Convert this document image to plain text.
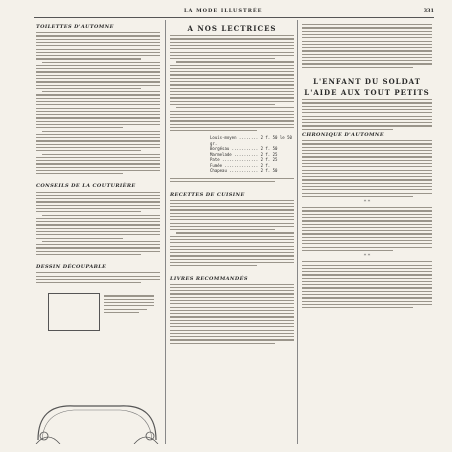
LA MODE ILLUSTRÉE	331
TOILETTES D'AUTOMNE
CONSEILS DE LA COUTURIÈRE
DESSIN DÉCOUPABLE
A NOS LECTRICES
Louis-moyen ........ 2 f. 50 le 50 gr.
Borgésau ........... 2 f. 50
Marmelade .......... 2 f. 25
Pate ............... 2 f. 25
Fumée .............. 2 f.
Chapeau ............ 2 f. 50
RECETTES DE CUISINE
LIVRES RECOMMANDÉS
L'ENFANT DU SOLDAT
L'AIDE AUX TOUT PETITS
CHRONIQUE D'AUTOMNE
* *
* *
